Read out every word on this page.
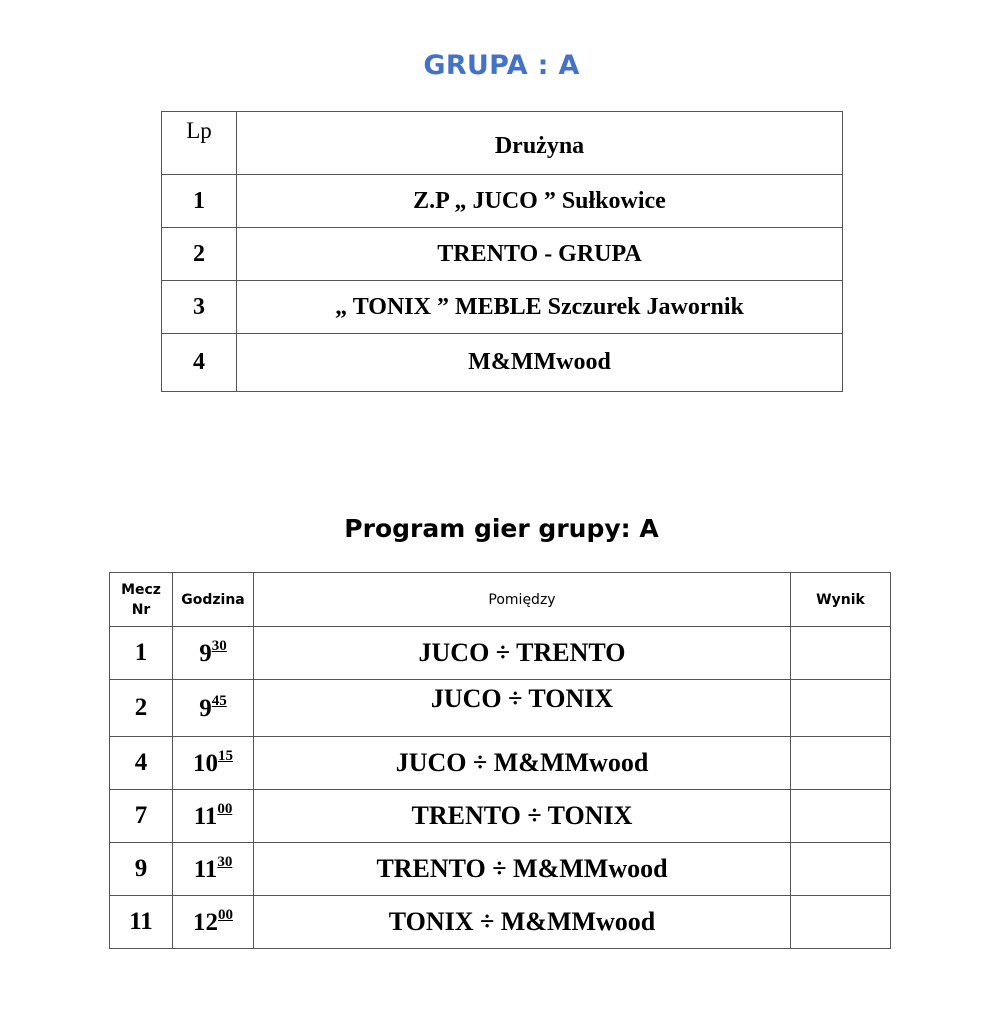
GRUPA : A
Lp	Drużyna
1	Z.P „ JUCO ” Sułkowice
2	TRENTO - GRUPA
3	„ TONIX ” MEBLE Szczurek Jawornik
4	M&MMwood
Program gier grupy: A
Mecz
Nr	Godzina	Pomiędzy	Wynik
1	$9^{30}$	JUCO ÷ TRENTO	
2	$9^{45}$	JUCO ÷ TONIX	
4	$10^{15}$	JUCO ÷ M&MMwood	
7	$11^{00}$	TRENTO ÷ TONIX	
9	$11^{30}$	TRENTO ÷ M&MMwood	
11	$12^{00}$	TONIX ÷ M&MMwood	
